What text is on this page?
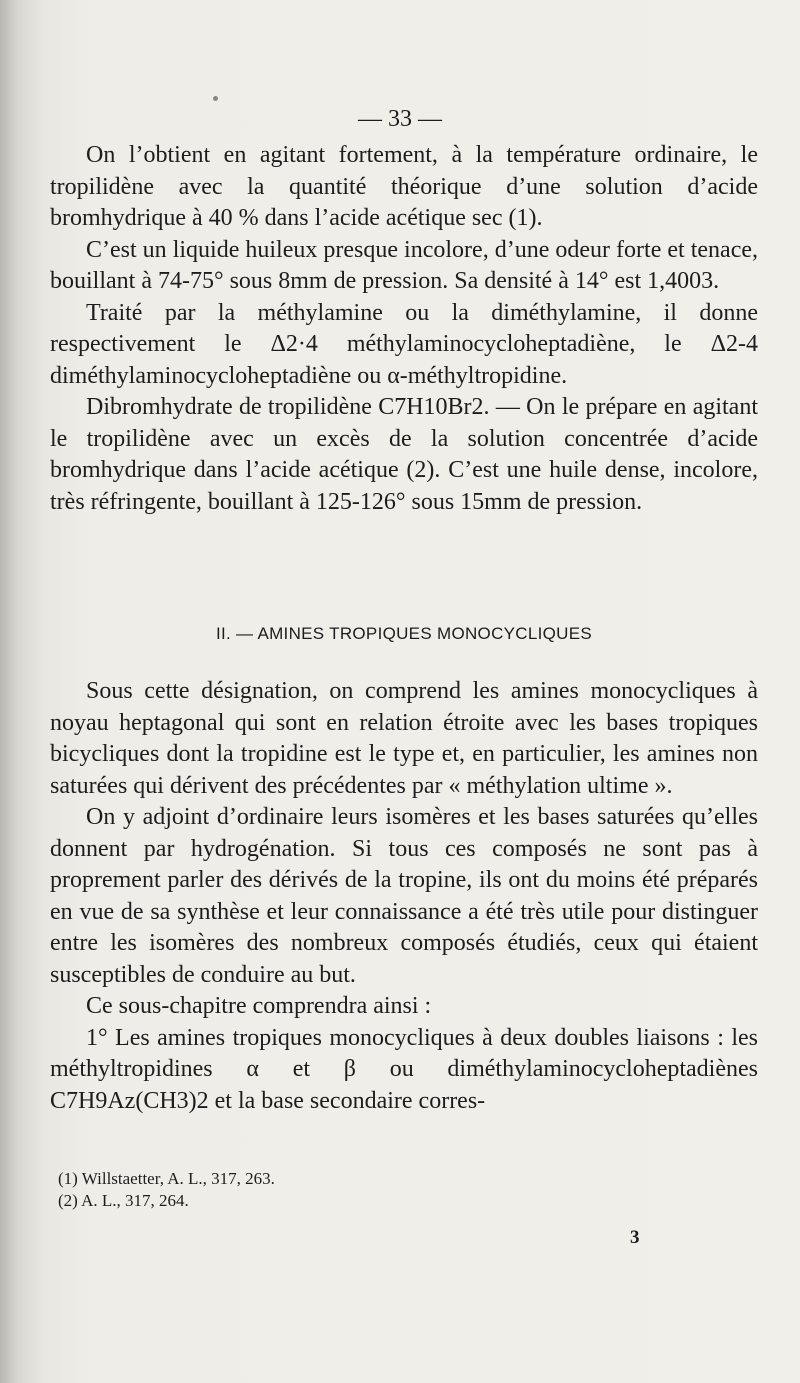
— 33 —

On l’obtient en agitant fortement, à la température ordinaire, le tropilidène avec la quantité théorique d’une solution d’acide bromhydrique à 40 % dans l’acide acétique sec (1).

C’est un liquide huileux presque incolore, d’une odeur forte et tenace, bouillant à 74-75° sous 8mm de pression. Sa densité à 14° est 1,4003.

Traité par la méthylamine ou la diméthylamine, il donne respectivement le Δ2·4 méthylaminocycloheptadiène, le Δ2-4 diméthylaminocycloheptadiène ou α-méthyltropidine.

Dibromhydrate de tropilidène C7H10Br2. — On le prépare en agitant le tropilidène avec un excès de la solution concentrée d’acide bromhydrique dans l’acide acétique (2). C’est une huile dense, incolore, très réfringente, bouillant à 125-126° sous 15mm de pression.

II. — AMINES TROPIQUES MONOCYCLIQUES

Sous cette désignation, on comprend les amines monocycliques à noyau heptagonal qui sont en relation étroite avec les bases tropiques bicycliques dont la tropidine est le type et, en particulier, les amines non saturées qui dérivent des précédentes par « méthylation ultime ».

On y adjoint d’ordinaire leurs isomères et les bases saturées qu’elles donnent par hydrogénation. Si tous ces composés ne sont pas à proprement parler des dérivés de la tropine, ils ont du moins été préparés en vue de sa synthèse et leur connaissance a été très utile pour distinguer entre les isomères des nombreux composés étudiés, ceux qui étaient susceptibles de conduire au but.

Ce sous-chapitre comprendra ainsi :

1° Les amines tropiques monocycliques à deux doubles liaisons : les méthyltropidines α et β ou diméthylaminocycloheptadiènes C7H9Az(CH3)2 et la base secondaire corres-

(1) Willstaetter, A. L., 317, 263.
(2) A. L., 317, 264.
3
